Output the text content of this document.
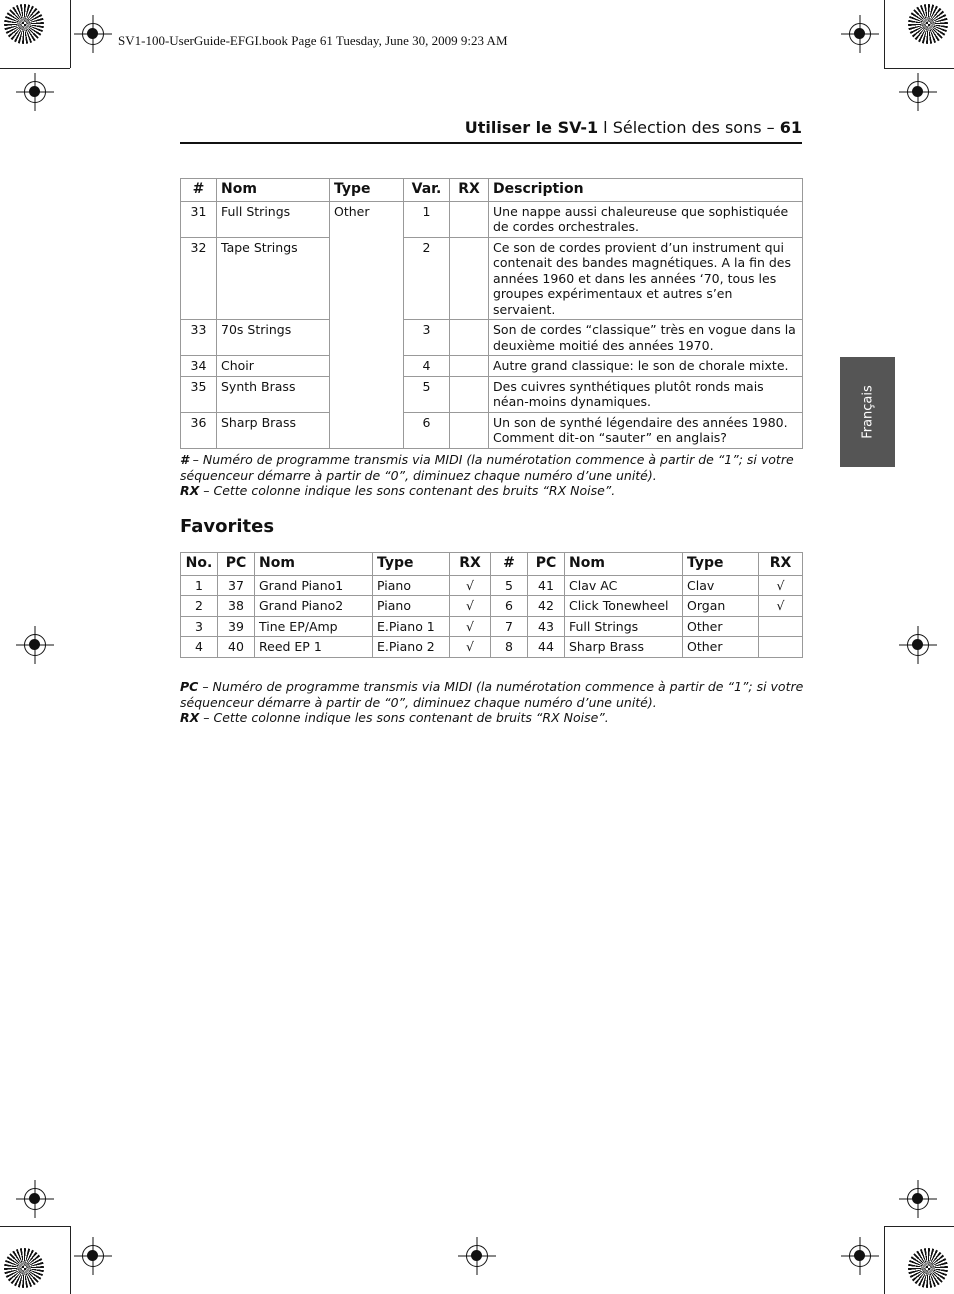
SV1-100-UserGuide-EFGI.book Page 61 Tuesday, June 30, 2009 9:23 AM
Utiliser le SV-1 l Sélection des sons – 61
Français
#	Nom	Type	Var.	RX	Description
31	Full Strings	Other	1		Une nappe aussi chaleureuse que sophistiquée de cordes orchestrales.
32	Tape Strings		2		Ce son de cordes provient d’un instrument qui contenait des bandes magnétiques. A la fin des années 1960 et dans les années ‘70, tous les groupes expérimentaux et autres s’en servaient.
33	70s Strings		3		Son de cordes “classique” très en vogue dans la deuxième moitié des années 1970.
34	Choir		4		Autre grand classique: le son de chorale mixte.
35	Synth Brass		5		Des cuivres synthétiques plutôt ronds mais néan-moins dynamiques.
36	Sharp Brass		6		Un son de synthé légendaire des années 1980. Comment dit-on “sauter” en anglais?
# – Numéro de programme transmis via MIDI (la numérotation commence à partir de “1”; si votre séquenceur démarre à partir de “0”, diminuez chaque numéro d’une unité).
RX – Cette colonne indique les sons contenant des bruits “RX Noise”.
Favorites
No.	PC	Nom	Type	RX	#	PC	Nom	Type	RX
1	37	Grand Piano1	Piano	√	5	41	Clav AC	Clav	√
2	38	Grand Piano2	Piano	√	6	42	Click Tonewheel	Organ	√
3	39	Tine EP/Amp	E.Piano 1	√	7	43	Full Strings	Other	
4	40	Reed EP 1	E.Piano 2	√	8	44	Sharp Brass	Other	
PC – Numéro de programme transmis via MIDI (la numérotation commence à partir de “1”; si votre séquenceur démarre à partir de “0”, diminuez chaque numéro d’une unité).
RX – Cette colonne indique les sons contenant de bruits “RX Noise”.
